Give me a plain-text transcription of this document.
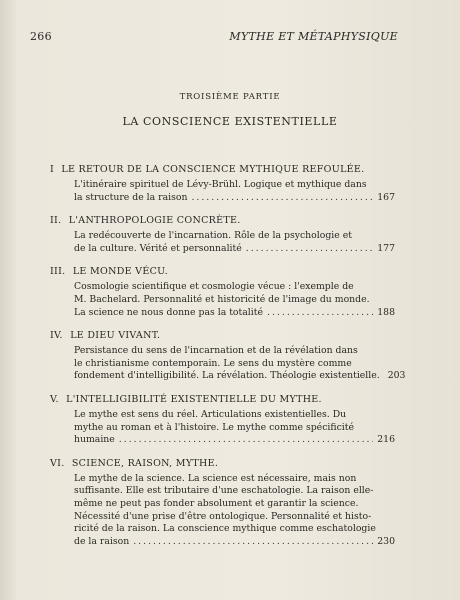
266	MYTHE ET MÉTAPHYSIQUE
TROISIÈME PARTIE
LA CONSCIENCE EXISTENTIELLE
I LE RETOUR DE LA CONSCIENCE MYTHIQUE REFOULÉE.
L'itinéraire spirituel de Lévy-Brühl. Logique et mythique dans
la structure de la raison .....	167
II. L'ANTHROPOLOGIE CONCRÈTE.
La redécouverte de l'incarnation. Rôle de la psychologie et
de la culture. Vérité et personnalité .....	177
III. LE MONDE VÉCU.
Cosmologie scientifique et cosmologie vécue : l'exemple de
M. Bachelard. Personnalité et historicité de l'image du monde.
La science ne nous donne pas la totalité .....	188
IV. LE DIEU VIVANT.
Persistance du sens de l'incarnation et de la révélation dans
le christianisme contemporain. Le sens du mystère comme
fondement d'intelligibilité. La révélation. Théologie existentielle. 203
V. L'INTELLIGIBILITÉ EXISTENTIELLE DU MYTHE.
Le mythe est sens du réel. Articulations existentielles. Du
mythe au roman et à l'histoire. Le mythe comme spécificité
humaine .....	216
VI. SCIENCE, RAISON, MYTHE.
Le mythe de la science. La science est nécessaire, mais non
suffisante. Elle est tributaire d'une eschatologie. La raison elle-
même ne peut pas fonder absolument et garantir la science.
Nécessité d'une prise d'être ontologique. Personnalité et histo-
ricité de la raison. La conscience mythique comme eschatologie
de la raison .....	230
